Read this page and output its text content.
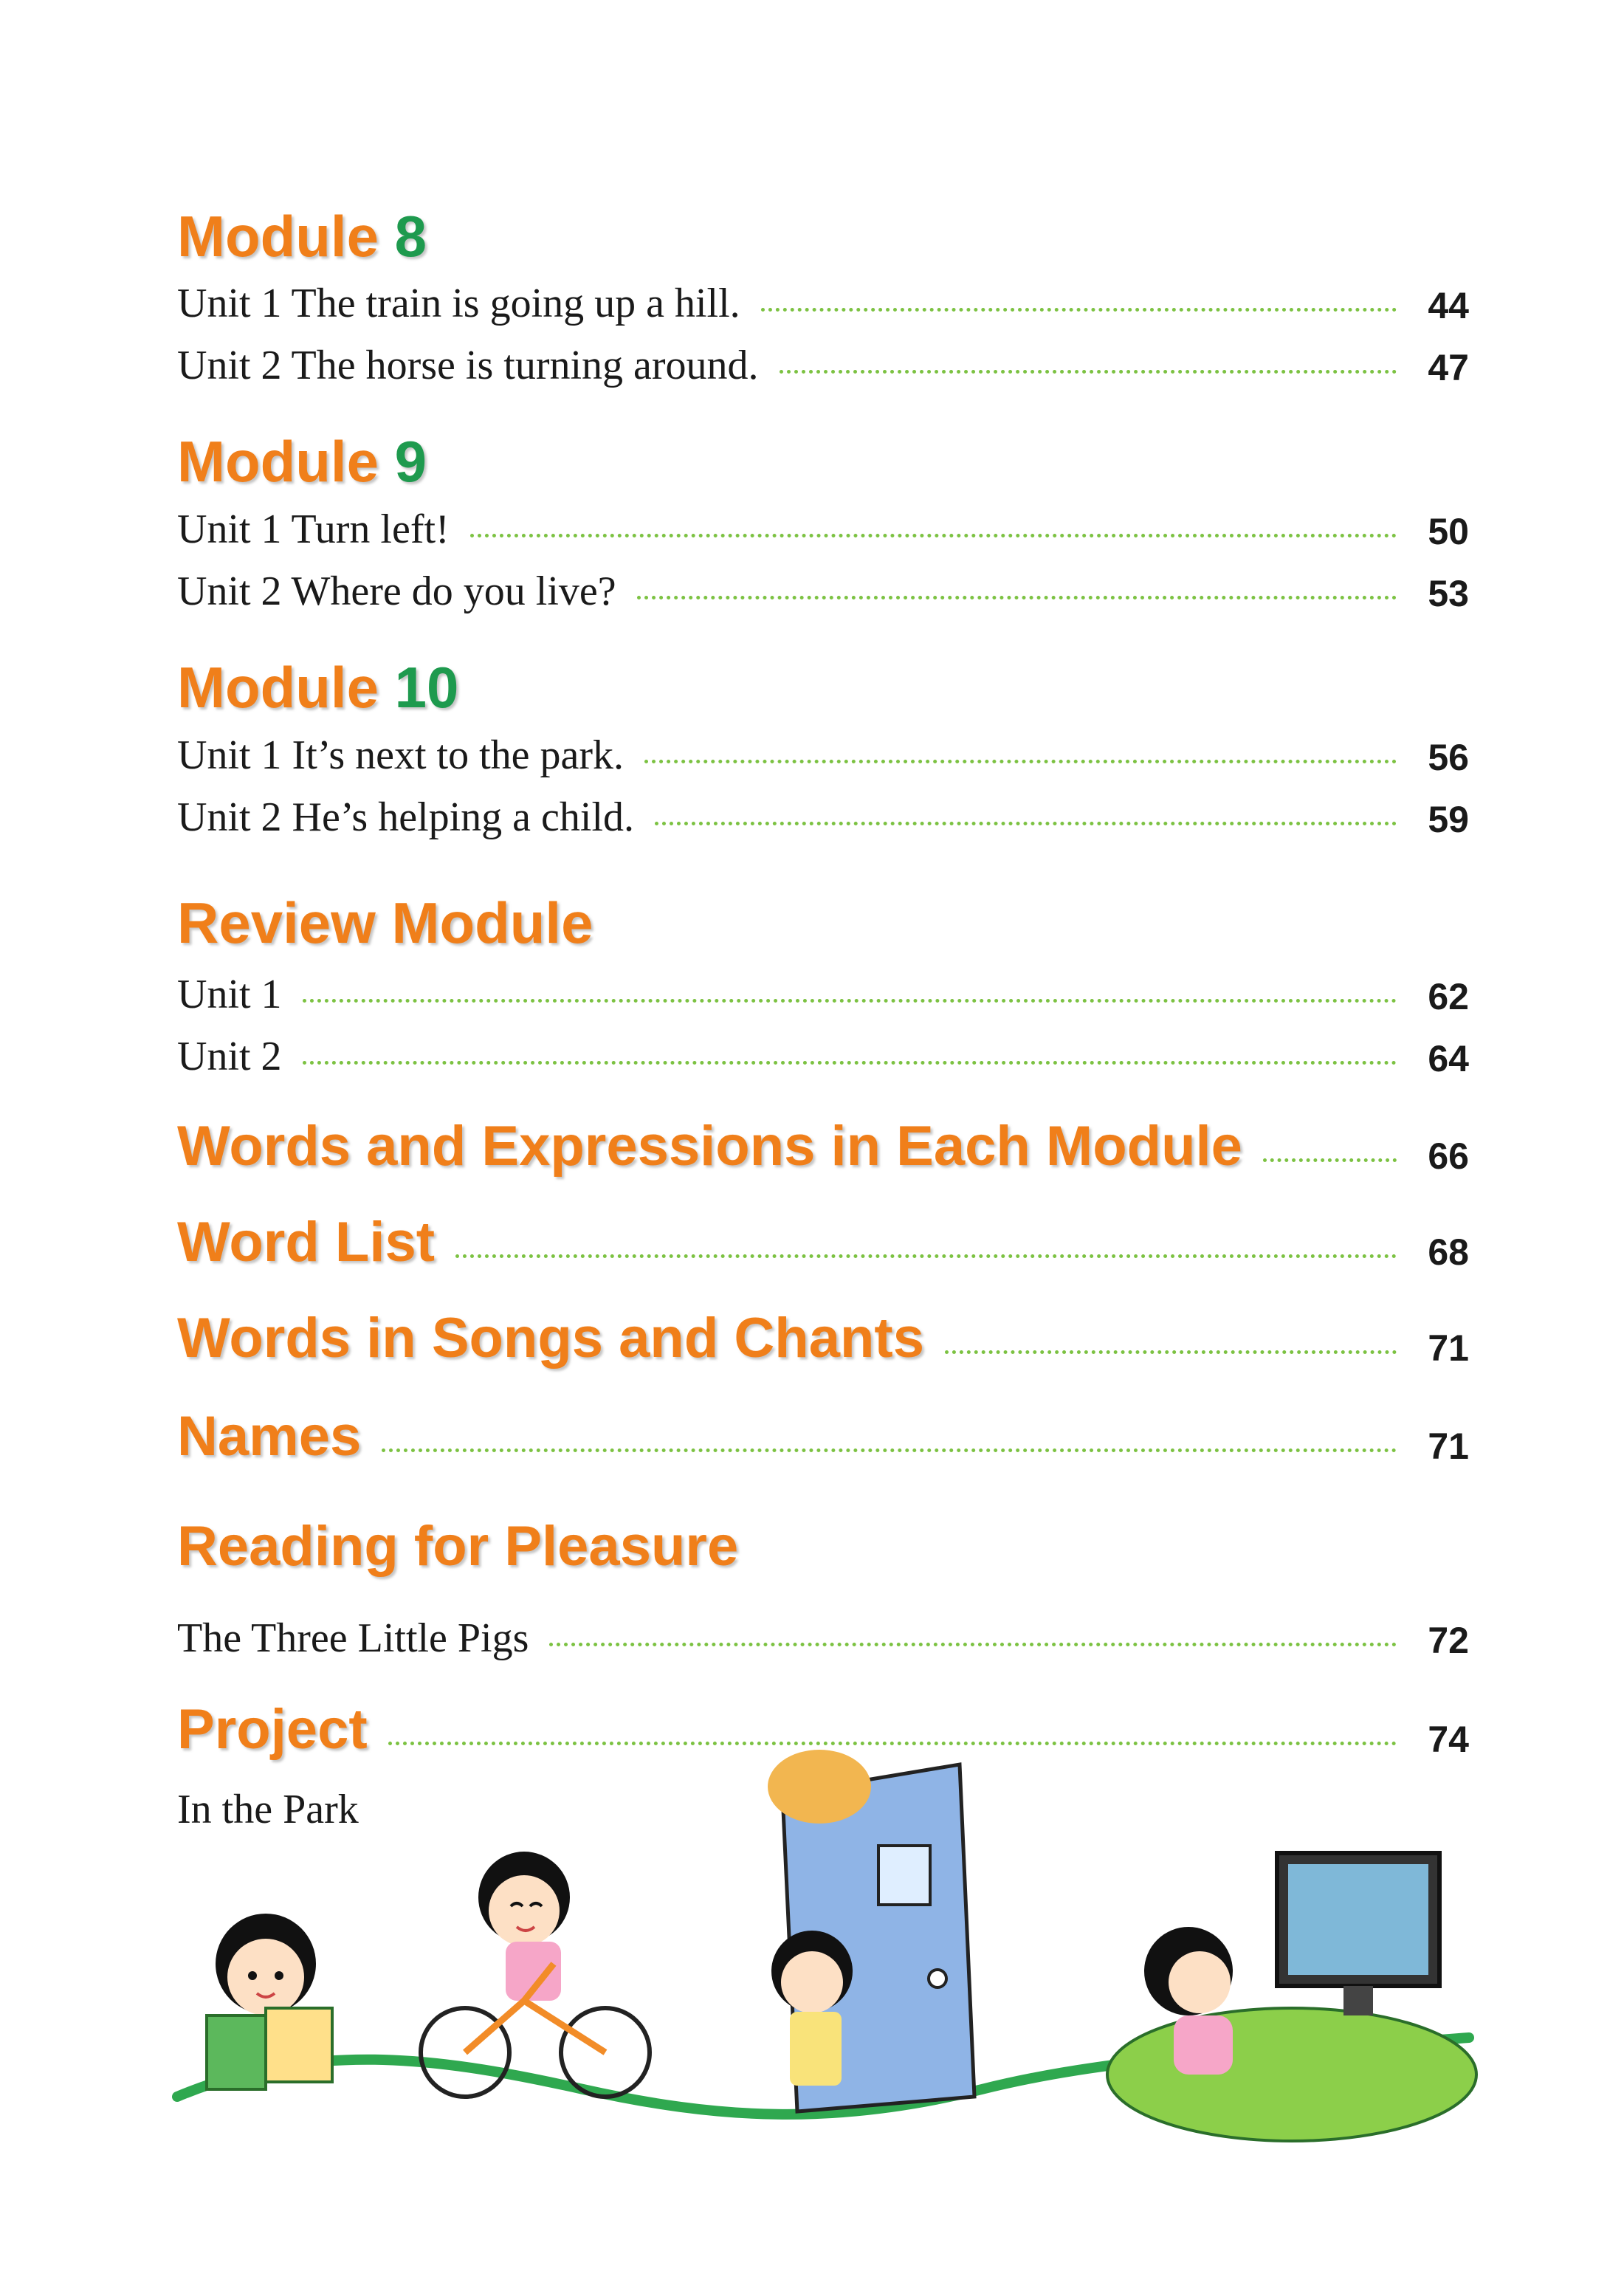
Module 8
Unit 1 The train is going up a hill.	44
Unit 2 The horse is turning around.	47
Module 9
Unit 1 Turn left!	50
Unit 2 Where do you live?	53
Module 10
Unit 1 It’s next to the park.	56
Unit 2 He’s helping a child.	59
Review Module
Unit 1	62
Unit 2	64
Words and Expressions in Each Module	66
Word List	68
Words in Songs and Chants	71
Names	71
Reading for Pleasure
The Three Little Pigs	72
Project	74
In the Park
